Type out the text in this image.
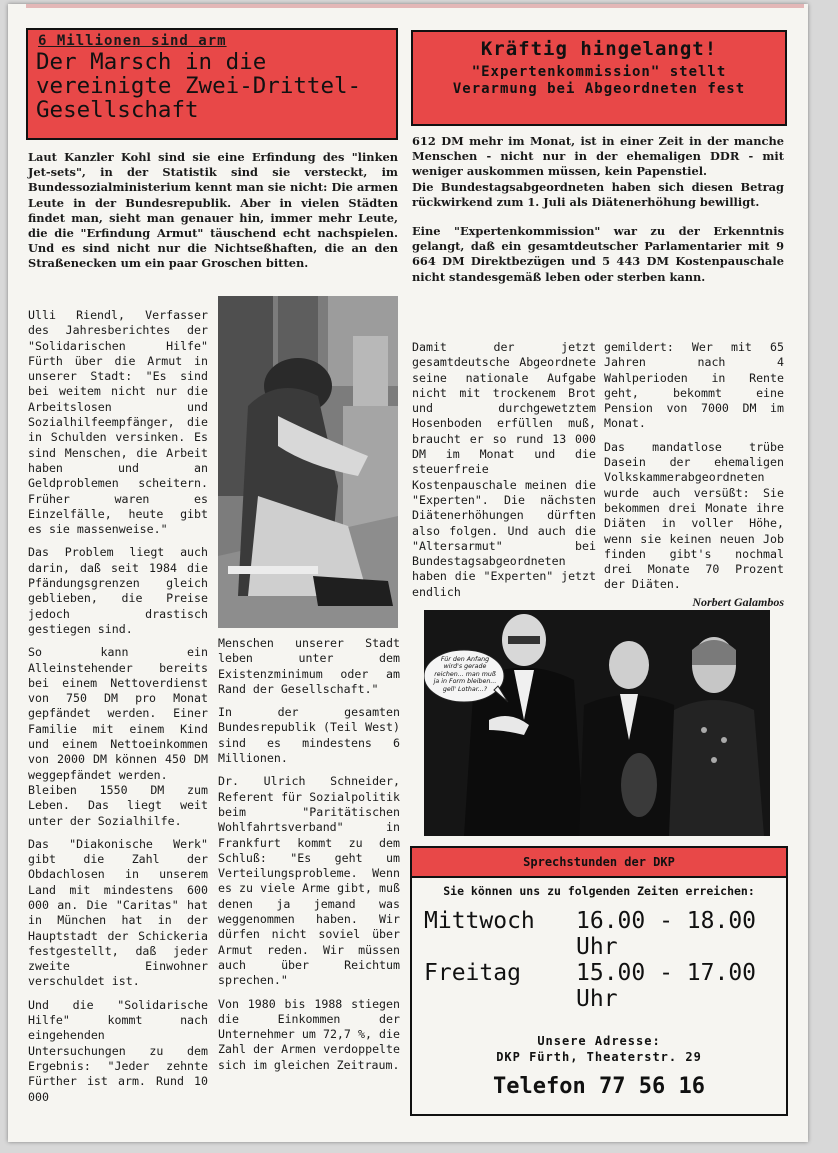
6 Millionen sind arm
Der Marsch in die vereinigte Zwei-Drittel-Gesellschaft
Kräftig hingelangt!
"Expertenkommission" stellt Verarmung bei Abgeordneten fest
Laut Kanzler Kohl sind sie eine Erfindung des "linken Jet-sets", in der Statistik sind sie versteckt, im Bundessozialministerium kennt man sie nicht: Die armen Leute in der Bundesrepublik. Aber in vielen Städten findet man, sieht man genauer hin, immer mehr Leute, die die "Erfindung Armut" täuschend echt nachspielen. Und es sind nicht nur die Nichtseßhaften, die an den Straßenecken um ein paar Groschen bitten.

Ulli Riendl, Verfasser des Jahresberichtes der "Solidarischen Hilfe" Fürth über die Armut in unserer Stadt: "Es sind bei weitem nicht nur die Arbeitslosen und Sozialhilfeempfänger, die in Schulden versinken. Es sind Menschen, die Arbeit haben und an Geldproblemen scheitern. Früher waren es Einzelfälle, heute gibt es sie massenweise."

Das Problem liegt auch darin, daß seit 1984 die Pfändungsgrenzen gleich geblieben, die Preise jedoch drastisch gestiegen sind.

So kann ein Alleinstehender bereits bei einem Nettoverdienst von 750 DM pro Monat gepfändet werden. Einer Familie mit einem Kind und einem Nettoeinkommen von 2000 DM können 450 DM weggepfändet werden.

Bleiben 1550 DM zum Leben. Das liegt weit unter der Sozialhilfe.

Das "Diakonische Werk" gibt die Zahl der Obdachlosen in unserem Land mit mindestens 600 000 an. Die "Caritas" hat in München hat in der Hauptstadt der Schickeria festgestellt, daß jeder zweite Einwohner verschuldet ist.

Und die "Solidarische Hilfe" kommt nach eingehenden Untersuchungen zu dem Ergebnis: "Jeder zehnte Fürther ist arm. Rund 10 000

Menschen unserer Stadt leben unter dem Existenzminimum oder am Rand der Gesellschaft."

In der gesamten Bundesrepublik (Teil West) sind es mindestens 6 Millionen.

Dr. Ulrich Schneider, Referent für Sozialpolitik beim "Paritätischen Wohlfahrtsverband" in Frankfurt kommt zu dem Schluß: "Es geht um Verteilungsprobleme. Wenn es zu viele Arme gibt, muß denen ja jemand was weggenommen haben. Wir dürfen nicht soviel über Armut reden. Wir müssen auch über Reichtum sprechen."

Von 1980 bis 1988 stiegen die Einkommen der Unternehmer um 72,7 %, die Zahl der Armen verdoppelte sich im gleichen Zeitraum.

612 DM mehr im Monat, ist in einer Zeit in der manche Menschen - nicht nur in der ehemaligen DDR - mit weniger auskommen müssen, kein Papenstiel.

Die Bundestagsabgeordneten haben sich diesen Betrag rückwirkend zum 1. Juli als Diätenerhöhung bewilligt.

Eine "Expertenkommission" war zu der Erkenntnis gelangt, daß ein gesamtdeutscher Parlamentarier mit 9 664 DM Direktbezügen und 5 443 DM Kostenpauschale nicht standesgemäß leben oder sterben kann.

Damit der jetzt gesamtdeutsche Abgeordnete seine nationale Aufgabe nicht mit trockenem Brot und durchgewetztem Hosenboden erfüllen muß, braucht er so rund 13 000 DM im Monat und die steuerfreie Kostenpauschale meinen die "Experten". Die nächsten Diätenerhöhungen dürften also folgen. Und auch die "Altersarmut" bei Bundestagsabgeordneten haben die "Experten" jetzt endlich

gemildert: Wer mit 65 Jahren nach 4 Wahlperioden in Rente geht, bekommt eine Pension von 7000 DM im Monat.

Das mandatlose trübe Dasein der ehemaligen Volkskammerabgeordneten wurde auch versüßt: Sie bekommen drei Monate ihre Diäten in voller Höhe, wenn sie keinen neuen Job finden gibt's nochmal drei Monate 70 Prozent der Diäten.

Norbert Galambos
Für den Anfang wird's gerade reichen... man muß ja in Form bleiben... gell' Lothar...?
Sprechstunden der DKP
Sie können uns zu folgenden Zeiten erreichen:
Mittwoch 16.00 - 18.00 Uhr
Freitag 15.00 - 17.00 Uhr
Unsere Adresse:
DKP Fürth, Theaterstr. 29
Telefon 77 56 16
